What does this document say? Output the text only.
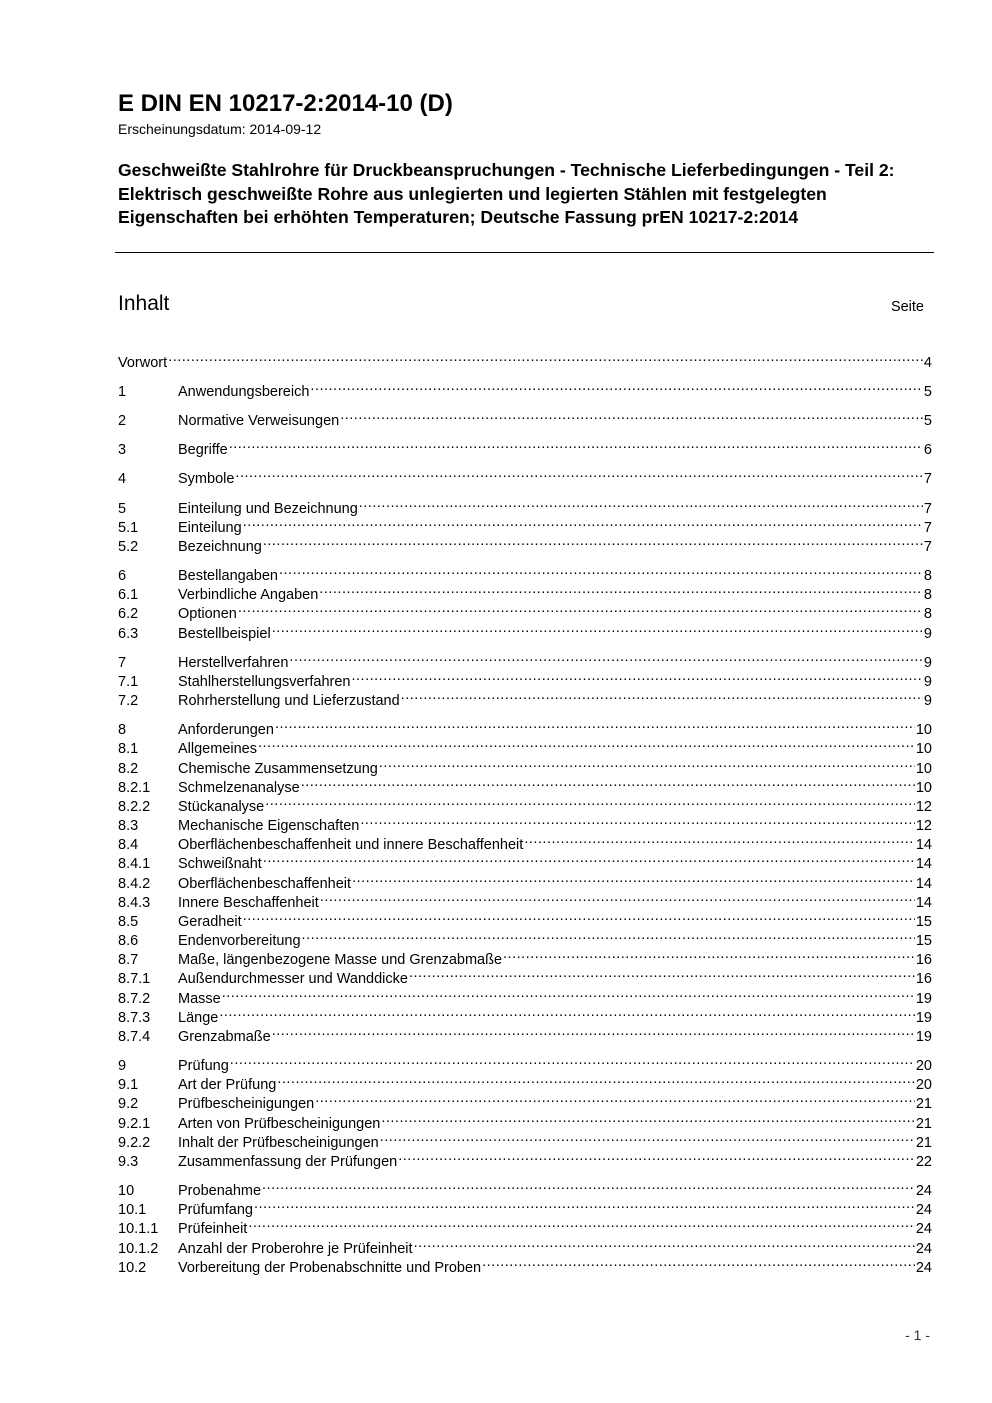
E DIN EN 10217-2:2014-10 (D)
Erscheinungsdatum: 2014-09-12
Geschweißte Stahlrohre für Druckbeanspruchungen - Technische Lieferbedingungen - Teil 2: Elektrisch geschweißte Rohre aus unlegierten und legierten Stählen mit festgelegten Eigenschaften bei erhöhten Temperaturen; Deutsche Fassung prEN 10217-2:2014
Inhalt	Seite
Vorwort .....	4
1	Anwendungsbereich .....	5
2	Normative Verweisungen .....	5
3	Begriffe .....	6
4	Symbole .....	7
5	Einteilung und Bezeichnung .....	7
5.1	Einteilung .....	7
5.2	Bezeichnung .....	7
6	Bestellangaben .....	8
6.1	Verbindliche Angaben .....	8
6.2	Optionen .....	8
6.3	Bestellbeispiel .....	9
7	Herstellverfahren .....	9
7.1	Stahlherstellungsverfahren .....	9
7.2	Rohrherstellung und Lieferzustand .....	9
8	Anforderungen .....	10
8.1	Allgemeines .....	10
8.2	Chemische Zusammensetzung .....	10
8.2.1	Schmelzenanalyse .....	10
8.2.2	Stückanalyse .....	12
8.3	Mechanische Eigenschaften .....	12
8.4	Oberflächenbeschaffenheit und innere Beschaffenheit .....	14
8.4.1	Schweißnaht .....	14
8.4.2	Oberflächenbeschaffenheit .....	14
8.4.3	Innere Beschaffenheit .....	14
8.5	Geradheit .....	15
8.6	Endenvorbereitung .....	15
8.7	Maße, längenbezogene Masse und Grenzabmaße .....	16
8.7.1	Außendurchmesser und Wanddicke .....	16
8.7.2	Masse .....	19
8.7.3	Länge .....	19
8.7.4	Grenzabmaße .....	19
9	Prüfung .....	20
9.1	Art der Prüfung .....	20
9.2	Prüfbescheinigungen .....	21
9.2.1	Arten von Prüfbescheinigungen .....	21
9.2.2	Inhalt der Prüfbescheinigungen .....	21
9.3	Zusammenfassung der Prüfungen .....	22
10	Probenahme .....	24
10.1	Prüfumfang .....	24
10.1.1	Prüfeinheit .....	24
10.1.2	Anzahl der Proberohre je Prüfeinheit .....	24
10.2	Vorbereitung der Probenabschnitte und Proben .....	24
- 1 -
